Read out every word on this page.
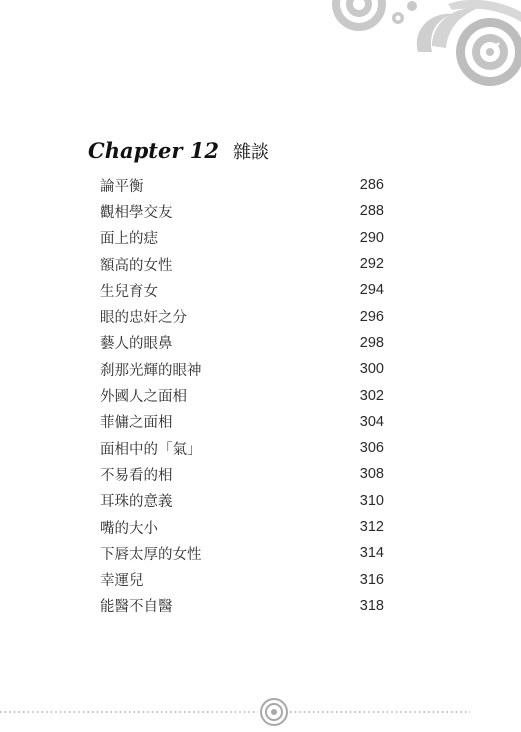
Chapter 12 雜談
論平衡	286
觀相學交友	288
面上的痣	290
額高的女性	292
生兒育女	294
眼的忠奸之分	296
藝人的眼鼻	298
刹那光輝的眼神	300
外國人之面相	302
菲傭之面相	304
面相中的「氣」	306
不易看的相	308
耳珠的意義	310
嘴的大小	312
下唇太厚的女性	314
幸運兒	316
能醫不自醫	318
